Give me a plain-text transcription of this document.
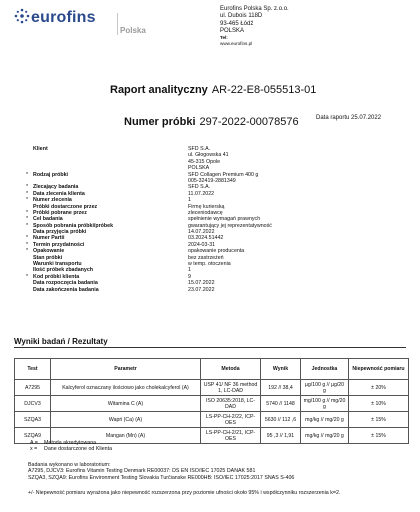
eurofins
Polska
Eurofins Polska Sp. z.o.o.
ul. Dubois 118D
93-465 Łódź
POLSKA
Tel:
www.eurofins.pl
Raport analityczny AR-22-E8-055513-01
Numer próbki 297-2022-00078576	Data raportu 25.07.2022
Klient	SFD S.A.
ul. Głogowska 41
45-315 Opole
POLSKA
* Rodzaj próbki	SFD Collagen Premium 400 g
005-32419-2881349
* Zlecający badania	SFD S.A.
* Data zlecenia klienta	11.07.2022
* Numer zlecenia	1
Próbki dostarczone przez	Firmę kurierską
* Próbki pobrane przez	zleceniodawcę
* Cel badania	spełnienie wymagań prawnych
* Sposób pobrania próbki/próbek	gwarantujący jej reprezentatywność
Data przyjęcia próbki	14.07.2022
* Numer Partii	03.2024.51442
* Termin przydatności	2024-03-31
* Opakowanie	opakowanie producenta
Stan próbki	bez zastrzeżeń
Warunki transportu	w temp. otoczenia
Ilość próbek zbadanych	1
* Kod próbki klienta	9
Data rozpoczęcia badania	15.07.2022
Data zakończenia badania	23.07.2022
Wyniki badań / Rezultaty
Test	Parametr	Metoda	Wynik	Jednostka	Niepewność pomiaru
A7295	Kalcyferol oznaczany ilościowo jako cholekalcyferol (A)	USP 41/ NF 36 method 1, LC-DAD	192 // 38,4	µg/100 g // µg/20 g	± 20%
DJCV3	Witamina C (A)	ISO 20635:2018, LC-DAD	5740 // 1148	mg/100 g // mg/20 g	± 10%
SZQA3	Wapń (Ca) (A)	LS-PP-CH-2/22, ICP-OES	5630 // 112 ,6	mg/kg // mg/20 g	± 15%
SZQA9	Mangan (Mn) (A)	LS-PP-CH-2/21, ICP-OES	95 ,3 // 1,91	mg/kg // mg/20 g	± 15%
A = Metoda akredytowana
x = Dane dostarczone od Klienta
Badania wykonano w laboratorium:
A7295, DJCV3: Eurofins Vitamin Testing Denmark RE00037: DS EN ISO/IEC 17025 DANAK 581
SZQA3, SZQA9: Eurofins Environment Testing Slovakia Turčianske RE000HB: ISO/IEC 17025:2017 SNAS S-406
+/- Niepewność pomiaru wyrażona jako niepewność rozszerzona przy poziomie ufności około 95% i współczynniku rozszerzenia k=2.
